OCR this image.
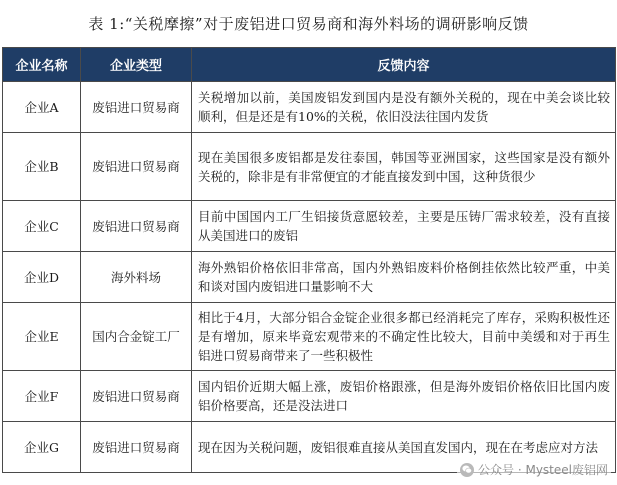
表 1:“关税摩擦”对于废铝进口贸易商和海外料场的调研影响反馈
企业名称	企业类型	反馈内容
企业A	废铝进口贸易商	关税增加以前，美国废铝发到国内是没有额外关税的，现在中美会谈比较顺利，但是还是有10%的关税，依旧没法往国内发货
企业B	废铝进口贸易商	现在美国很多废铝都是发往泰国，韩国等亚洲国家，这些国家是没有额外关税的，除非是有非常便宜的才能直接发到中国，这种货很少
企业C	废铝进口贸易商	目前中国国内工厂生铝接货意愿较差，主要是压铸厂需求较差，没有直接从美国进口的废铝
企业D	海外料场	海外熟铝价格依旧非常高，国内外熟铝废料价格倒挂依然比较严重，中美和谈对国内废铝进口量影响不大
企业E	国内合金锭工厂	相比于4月，大部分铝合金锭企业很多都已经消耗完了库存，采购积极性还是有增加，原来毕竟宏观带来的不确定性比较大，目前中美缓和对于再生铝进口贸易商带来了一些积极性
企业F	废铝进口贸易商	国内铝价近期大幅上涨，废铝价格跟涨，但是海外废铝价格依旧比国内废铝价格要高，还是没法进口
企业G	废铝进口贸易商	现在因为关税问题，废铝很难直接从美国直发国内，现在在考虑应对方法
公众号 · Mysteel废铝网
